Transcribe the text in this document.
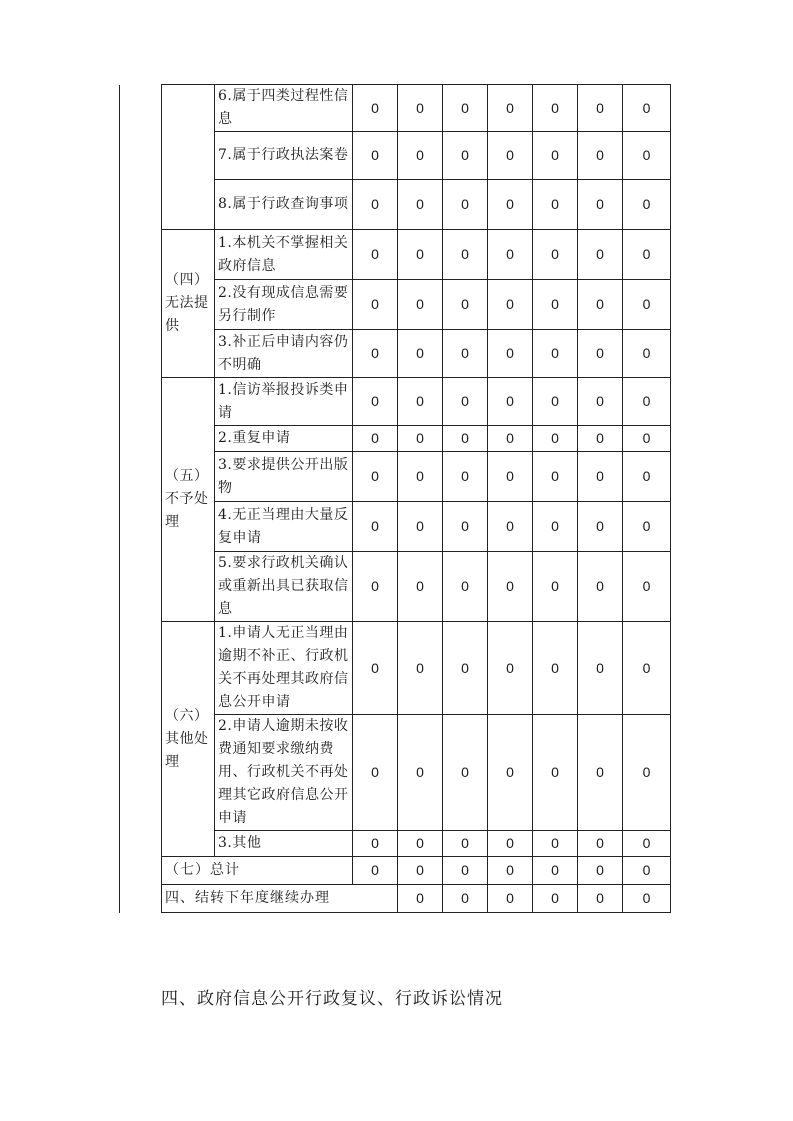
		6.属于四类过程性信息	0	0	0	0	0	0	0	
		7.属于行政执法案卷	0	0	0	0	0	0	0	
		8.属于行政查询事项	0	0	0	0	0	0	0	
	（四）无法提供	1.本机关不掌握相关政府信息	0	0	0	0	0	0	0	
		2.没有现成信息需要另行制作	0	0	0	0	0	0	0	
		3.补正后申请内容仍不明确	0	0	0	0	0	0	0	
	（五）不予处理	1.信访举报投诉类申请	0	0	0	0	0	0	0	
		2.重复申请	0	0	0	0	0	0	0	
		3.要求提供公开出版物	0	0	0	0	0	0	0	
		4.无正当理由大量反复申请	0	0	0	0	0	0	0	
		5.要求行政机关确认或重新出具已获取信息	0	0	0	0	0	0	0	
	（六）其他处理	1.申请人无正当理由逾期不补正、行政机关不再处理其政府信息公开申请	0	0	0	0	0	0	0	
		2.申请人逾期未按收费通知要求缴纳费用、行政机关不再处理其它政府信息公开申请	0	0	0	0	0	0	0	
		3.其他	0	0	0	0	0	0	0	
	（七）总计		0	0	0	0	0	0	0	
	四、结转下年度继续办理			0	0	0	0	0	0	
四、政府信息公开行政复议、行政诉讼情况
